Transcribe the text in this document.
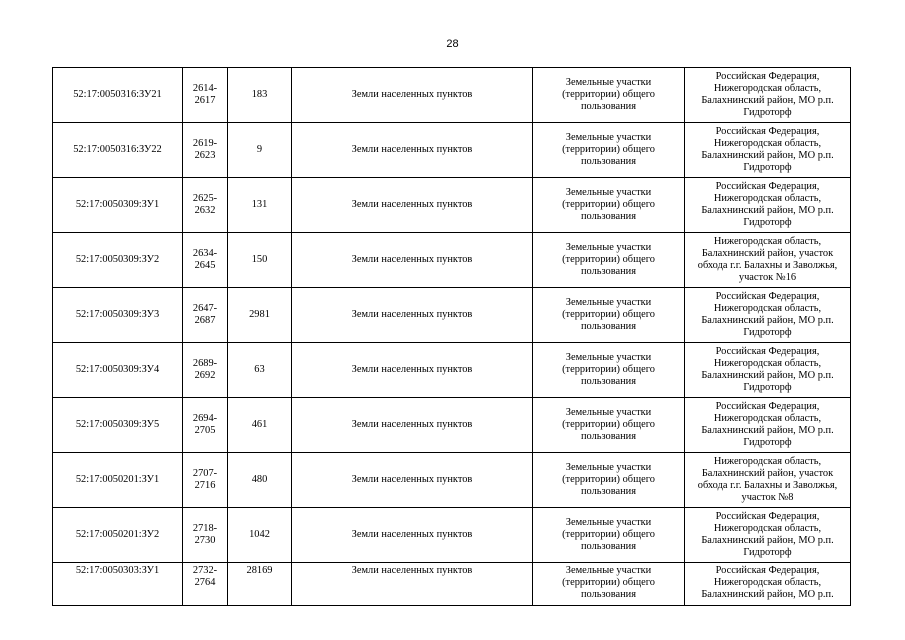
28
52:17:0050316:ЗУ21	2614-
2617	183	Земли населенных пунктов	Земельные участки
(территории) общего
пользования	Российская Федерация,
Нижегородская область,
Балахнинский район, МО р.п.
Гидроторф
52:17:0050316:ЗУ22	2619-
2623	9	Земли населенных пунктов	Земельные участки
(территории) общего
пользования	Российская Федерация,
Нижегородская область,
Балахнинский район, МО р.п.
Гидроторф
52:17:0050309:ЗУ1	2625-
2632	131	Земли населенных пунктов	Земельные участки
(территории) общего
пользования	Российская Федерация,
Нижегородская область,
Балахнинский район, МО р.п.
Гидроторф
52:17:0050309:ЗУ2	2634-
2645	150	Земли населенных пунктов	Земельные участки
(территории) общего
пользования	Нижегородская область,
Балахнинский район, участок
обхода г.г. Балахны и Заволжья,
участок №16
52:17:0050309:ЗУ3	2647-
2687	2981	Земли населенных пунктов	Земельные участки
(территории) общего
пользования	Российская Федерация,
Нижегородская область,
Балахнинский район, МО р.п.
Гидроторф
52:17:0050309:ЗУ4	2689-
2692	63	Земли населенных пунктов	Земельные участки
(территории) общего
пользования	Российская Федерация,
Нижегородская область,
Балахнинский район, МО р.п.
Гидроторф
52:17:0050309:ЗУ5	2694-
2705	461	Земли населенных пунктов	Земельные участки
(территории) общего
пользования	Российская Федерация,
Нижегородская область,
Балахнинский район, МО р.п.
Гидроторф
52:17:0050201:ЗУ1	2707-
2716	480	Земли населенных пунктов	Земельные участки
(территории) общего
пользования	Нижегородская область,
Балахнинский район, участок
обхода г.г. Балахны и Заволжья,
участок №8
52:17:0050201:ЗУ2	2718-
2730	1042	Земли населенных пунктов	Земельные участки
(территории) общего
пользования	Российская Федерация,
Нижегородская область,
Балахнинский район, МО р.п.
Гидроторф
52:17:0050303:ЗУ1	2732-
2764	28169	Земли населенных пунктов	Земельные участки
(территории) общего
пользования	Российская Федерация,
Нижегородская область,
Балахнинский район, МО р.п.
